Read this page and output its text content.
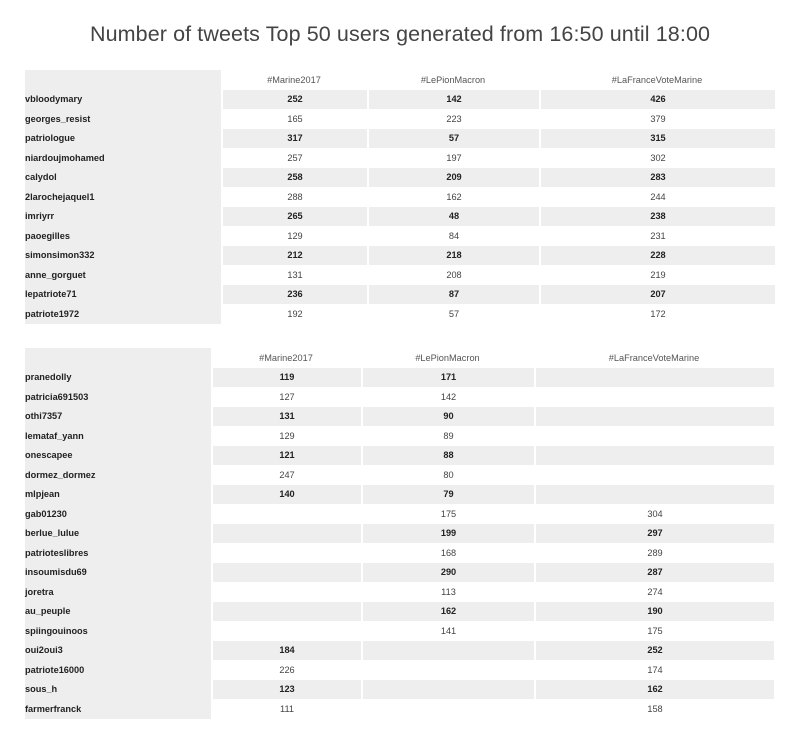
Number of tweets Top 50 users generated from 16:50 until 18:00
	#Marine2017	#LePionMacron	#LaFranceVoteMarine
vbloodymary	252	142	426
georges_resist	165	223	379
patriologue	317	57	315
niardoujmohamed	257	197	302
calydol	258	209	283
2larochejaquel1	288	162	244
imriyrr	265	48	238
paoegilles	129	84	231
simonsimon332	212	218	228
anne_gorguet	131	208	219
lepatriote71	236	87	207
patriote1972	192	57	172
	#Marine2017	#LePionMacron	#LaFranceVoteMarine
pranedolly	119	171	
patricia691503	127	142	
othi7357	131	90	
lemataf_yann	129	89	
onescapee	121	88	
dormez_dormez	247	80	
mlpjean	140	79	
gab01230		175	304
berlue_lulue		199	297
patrioteslibres		168	289
insoumisdu69		290	287
joretra		113	274
au_peuple		162	190
spiingouinoos		141	175
oui2oui3	184		252
patriote16000	226		174
sous_h	123		162
farmerfranck	111		158
